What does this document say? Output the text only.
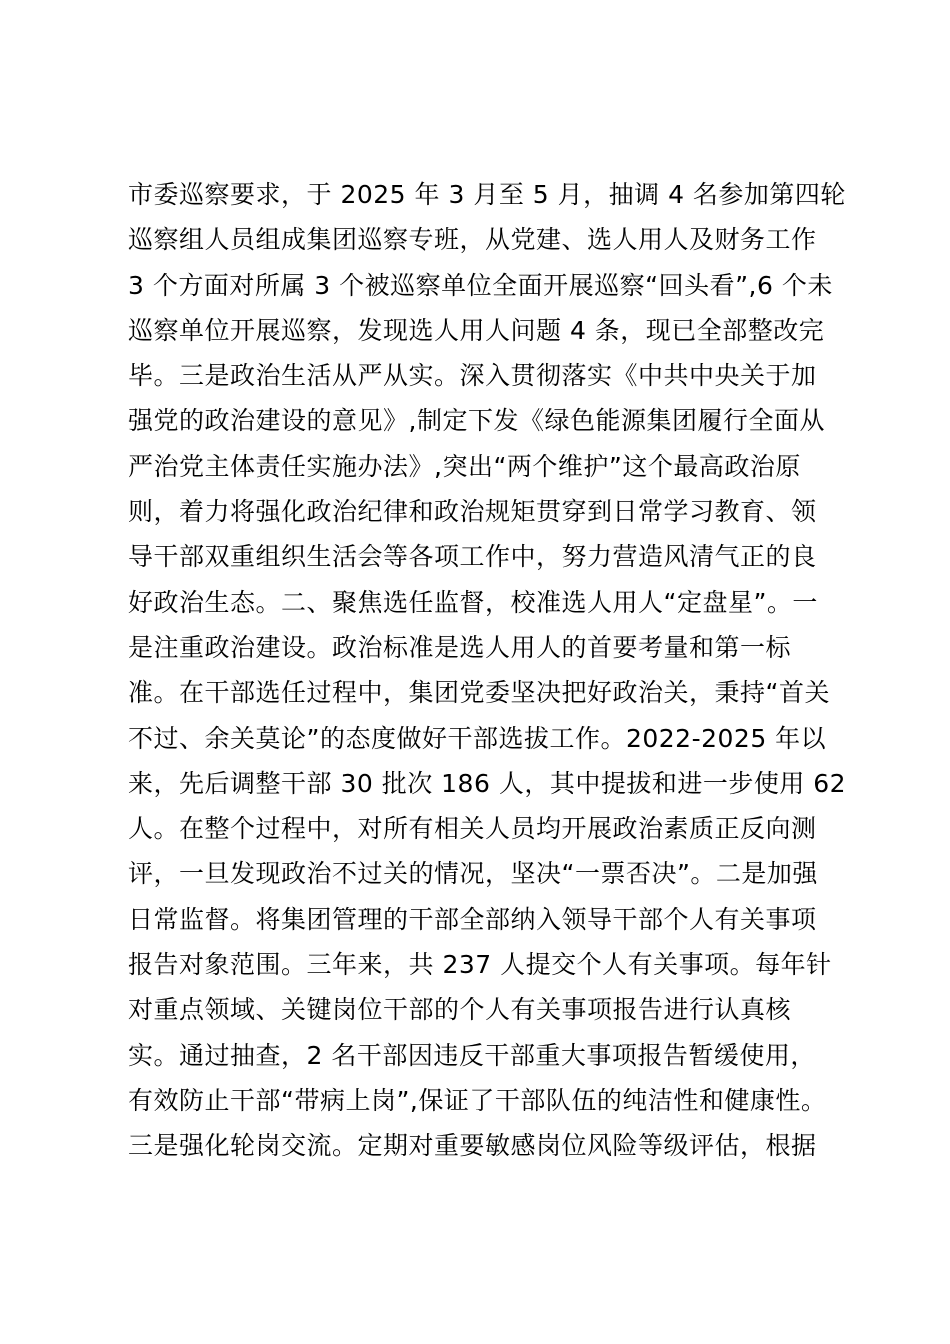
市委巡察要求，于 2025 年 3 月至 5 月，抽调 4 名参加第四轮
巡察组人员组成集团巡察专班，从党建、选人用人及财务工作
3 个方面对所属 3 个被巡察单位全面开展巡察“回头看”,6 个未
巡察单位开展巡察，发现选人用人问题 4 条，现已全部整改完
毕。三是政治生活从严从实。深入贯彻落实《中共中央关于加
强党的政治建设的意见》,制定下发《绿色能源集团履行全面从
严治党主体责任实施办法》,突出“两个维护”这个最高政治原
则，着力将强化政治纪律和政治规矩贯穿到日常学习教育、领
导干部双重组织生活会等各项工作中，努力营造风清气正的良
好政治生态。二、聚焦选任监督，校准选人用人“定盘星”。一
是注重政治建设。政治标准是选人用人的首要考量和第一标
准。在干部选任过程中，集团党委坚决把好政治关，秉持“首关
不过、余关莫论”的态度做好干部选拔工作。2022-2025 年以
来，先后调整干部 30 批次 186 人，其中提拔和进一步使用 62
人。在整个过程中，对所有相关人员均开展政治素质正反向测
评，一旦发现政治不过关的情况，坚决“一票否决”。二是加强
日常监督。将集团管理的干部全部纳入领导干部个人有关事项
报告对象范围。三年来，共 237 人提交个人有关事项。每年针
对重点领域、关键岗位干部的个人有关事项报告进行认真核
实。通过抽查，2 名干部因违反干部重大事项报告暂缓使用，
有效防止干部“带病上岗”,保证了干部队伍的纯洁性和健康性。
三是强化轮岗交流。定期对重要敏感岗位风险等级评估，根据
